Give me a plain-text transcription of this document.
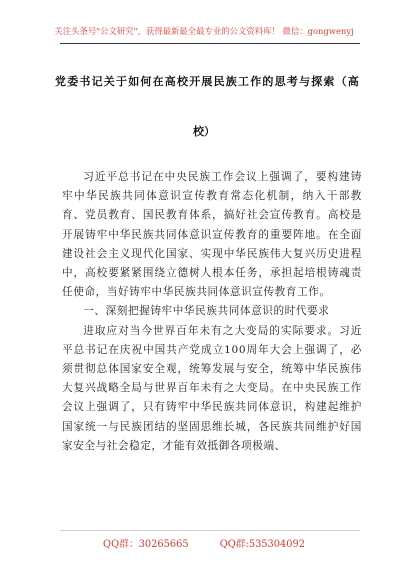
关注头条号"公文研究"，获得最新最全最专业的公文资料库！ 微信：gongwenyj
党委书记关于如何在高校开展民族工作的思考与探索（高
校）

习近平总书记在中央民族工作会议上强调了，要构建铸牢中华民族共同体意识宣传教育常态化机制，纳入干部教育、党员教育、国民教育体系，搞好社会宣传教育。高校是开展铸牢中华民族共同体意识宣传教育的重要阵地。在全面建设社会主义现代化国家、实现中华民族伟大复兴历史进程中，高校要紧紧围绕立德树人根本任务，承担起培根铸魂责任使命，当好铸牢中华民族共同体意识宣传教育工作。

一、深刻把握铸牢中华民族共同体意识的时代要求

进取应对当今世界百年未有之大变局的实际要求。习近平总书记在庆祝中国共产党成立100周年大会上强调了，必须贯彻总体国家安全观，统筹发展与安全，统筹中华民族伟大复兴战略全局与世界百年未有之大变局。在中央民族工作会议上强调了，只有铸牢中华民族共同体意识，构建起维护国家统一与民族团结的坚固思维长城，各民族共同维护好国家安全与社会稳定，才能有效抵御各项极端、

QQ群：30265665	QQ群:535304092
